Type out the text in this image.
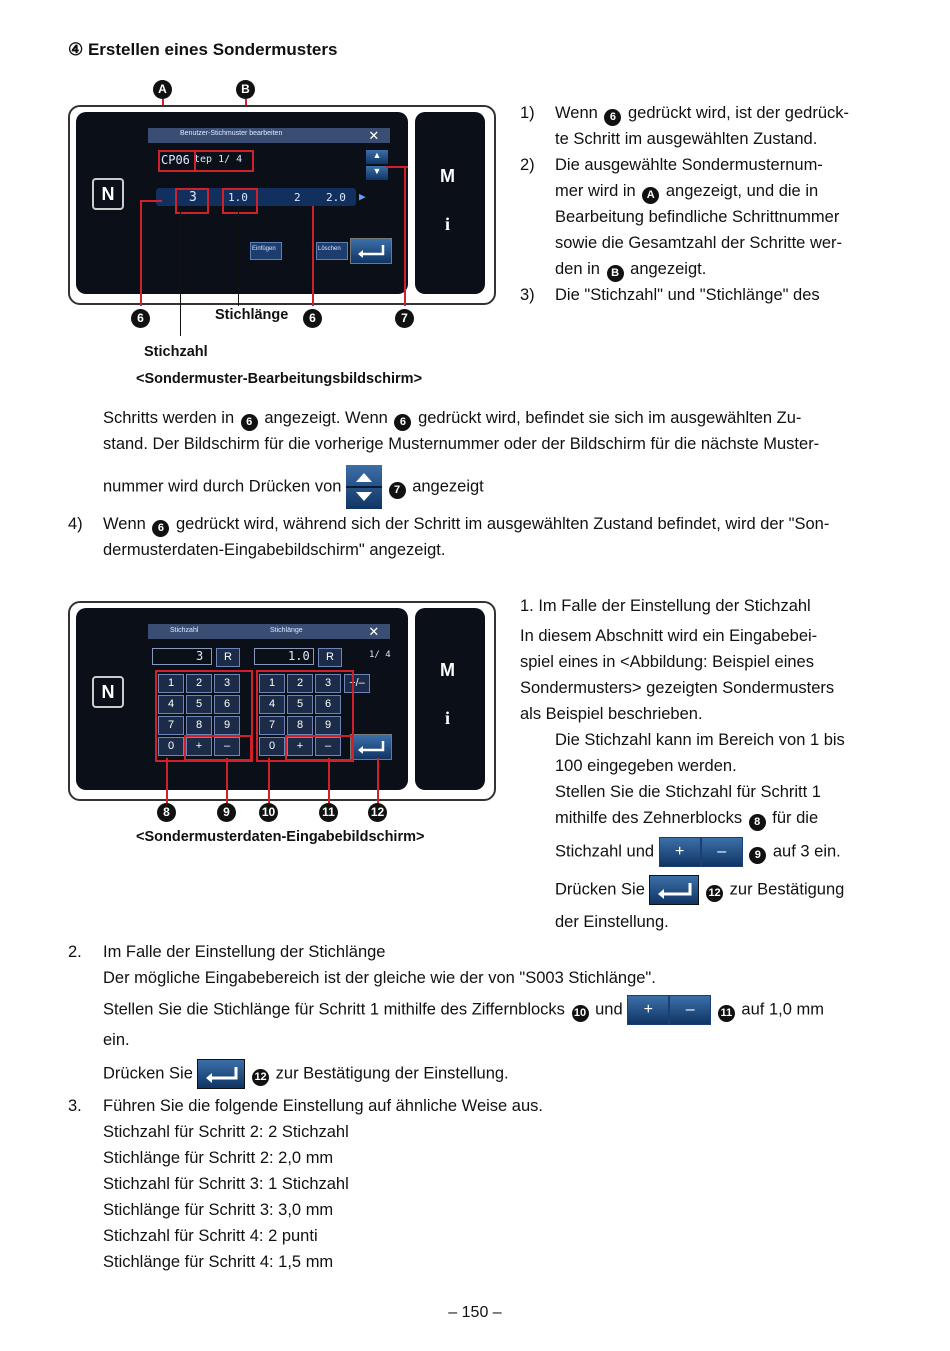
④ Erstellen eines Sondermusters
A	B
Benutzer-Stichmuster bearbeiten	✕
CP06 tep 1/ 4	▲
▼
N	3	1.0	2 2.0 ▶
Einfügen	Löschen
M
i
6	Stichlänge	6	7
Stichzahl
<Sondermuster-Bearbeitungsbildschirm>
1) Wenn 6 gedrückt wird, ist der gedrück-
te Schritt im ausgewählten Zustand.
2) Die ausgewählte Sondermusternum-
mer wird in A angezeigt, und die in
Bearbeitung befindliche Schrittnummer
sowie die Gesamtzahl der Schritte wer-
den in B angezeigt.
3) Die "Stichzahl" und "Stichlänge" des
Schritts werden in 6 angezeigt. Wenn 6 gedrückt wird, befindet sie sich im ausgewählten Zu-
stand. Der Bildschirm für die vorherige Musternummer oder der Bildschirm für die nächste Muster-
nummer wird durch Drücken von	7 angezeigt
4) Wenn 6 gedrückt wird, während sich der Schritt im ausgewählten Zustand befindet, wird der "Son-
dermusterdaten-Eingabebildschirm" angezeigt.
Stichzahl	Stichlänge	✕
3	R	1.0	R	1/ 4
N	1	2	3
4	5	6
7	8	9
0	+	–
1	2	3
4	5	6
7	8	9
0	+	–
+/–
M
i
8	9	10	11	12
<Sondermusterdaten-Eingabebildschirm>
1. Im Falle der Einstellung der Stichzahl
In diesem Abschnitt wird ein Eingabebei-
spiel eines in <Abbildung: Beispiel eines
Sondermusters> gezeigten Sondermusters
als Beispiel beschrieben.
Die Stichzahl kann im Bereich von 1 bis
100 eingegeben werden.
Stellen Sie die Stichzahl für Schritt 1
mithilfe des Zehnerblocks 8 für die
Stichzahl und + –	9 auf 3 ein.
Drücken Sie	12 zur Bestätigung
der Einstellung.
2. Im Falle der Einstellung der Stichlänge
Der mögliche Eingabebereich ist der gleiche wie der von "S003 Stichlänge".
Stellen Sie die Stichlänge für Schritt 1 mithilfe des Ziffernblocks 10 und + – 11 auf 1,0 mm
ein.
Drücken Sie	12 zur Bestätigung der Einstellung.
3. Führen Sie die folgende Einstellung auf ähnliche Weise aus.
Stichzahl für Schritt 2: 2 Stichzahl
Stichlänge für Schritt 2: 2,0 mm
Stichzahl für Schritt 3: 1 Stichzahl
Stichlänge für Schritt 3: 3,0 mm
Stichzahl für Schritt 4: 2 punti
Stichlänge für Schritt 4: 1,5 mm
– 150 –
